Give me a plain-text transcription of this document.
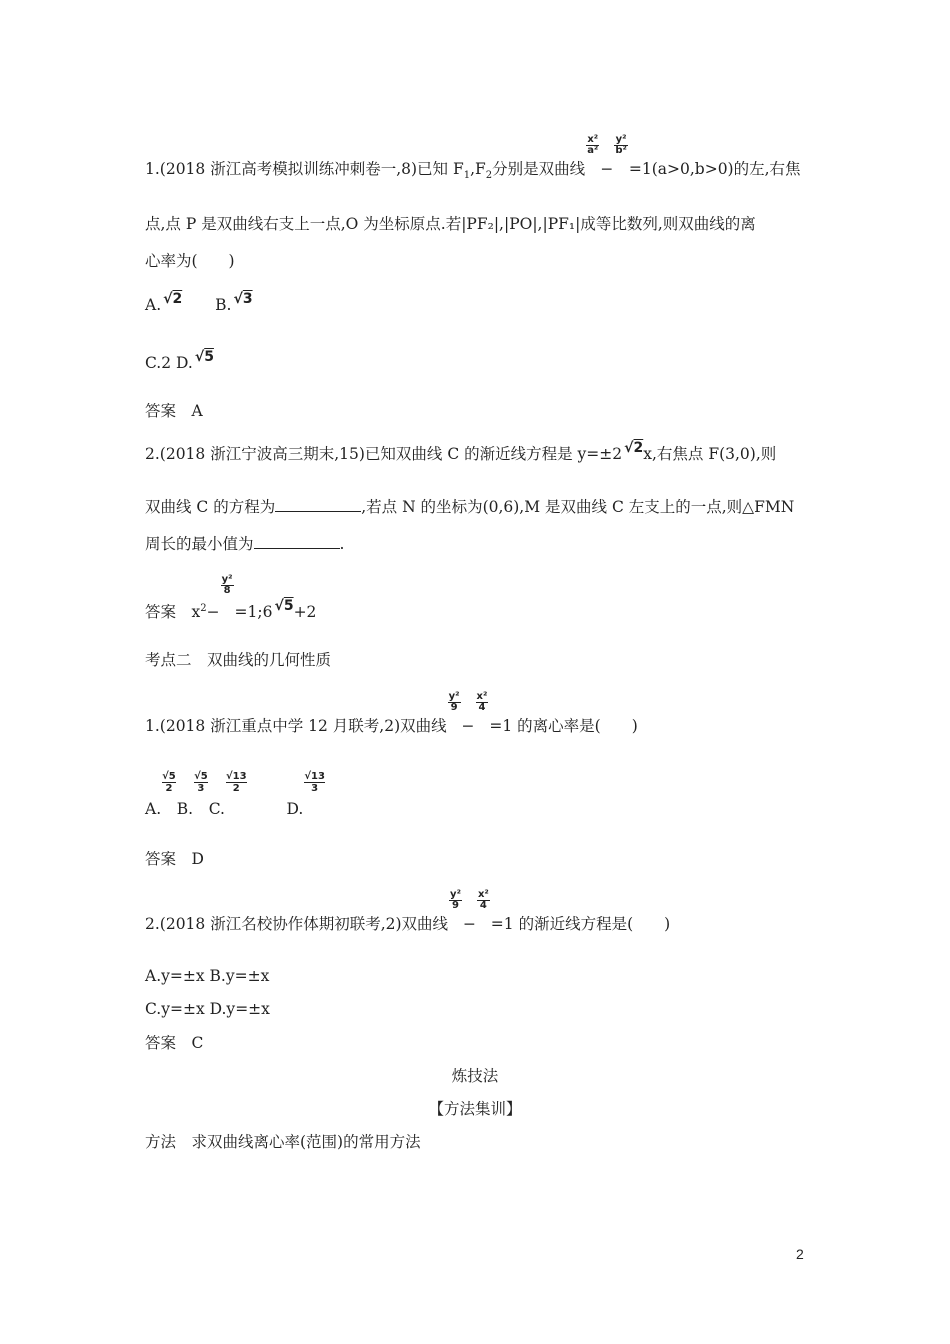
1.(2018 浙江高考模拟训练冲刺卷一,8)已知 $F_1,F_2$分别是双曲线
$\frac{\text{x²}}{\text{a²}}$
−
$\frac{\text{y²}}{\text{b²}}$
=1(a>0,b>0)的左,右焦
点,点 P 是双曲线右支上一点,O 为坐标原点.若|PF₂|,|PO|,|PF₁|成等比数列,则双曲线的离
心率为(　　)
A. √2 B. √3
C.2 D. √5
答案　A
2.(2018 浙江宁波高三期末,15)已知双曲线 C 的渐近线方程是 y=±2 √2x,右焦点 F(3,0),则
双曲线 C 的方程为	,若点 N 的坐标为(0,6),M 是双曲线 C 左支上的一点,则△FMN
周长的最小值为	.
答案　$x^2-$
$\frac{\text{y²}}{8}$
=1;6 √5+2
考点二　双曲线的几何性质
1.(2018 浙江重点中学 12 月联考,2)双曲线
$\frac{\text{y²}}{9}$
−
$\frac{\text{x²}}{4}$
=1 的离心率是(　　)
A.
$\frac{√5}{2}B$.
$\frac{√5}{3}C$.
$\frac{√13}{2} D$.
$\frac{√13}{3}$
答案　D
2.(2018 浙江名校协作体期初联考,2)双曲线
$\frac{\text{y²}}{9}$
−
$\frac{\text{x²}}{4}$
=1 的渐近线方程是(　　)
A.y=±x B.y=±x
C.y=±x D.y=±x
答案　C
炼技法
【方法集训】
方法　求双曲线离心率(范围)的常用方法
2
